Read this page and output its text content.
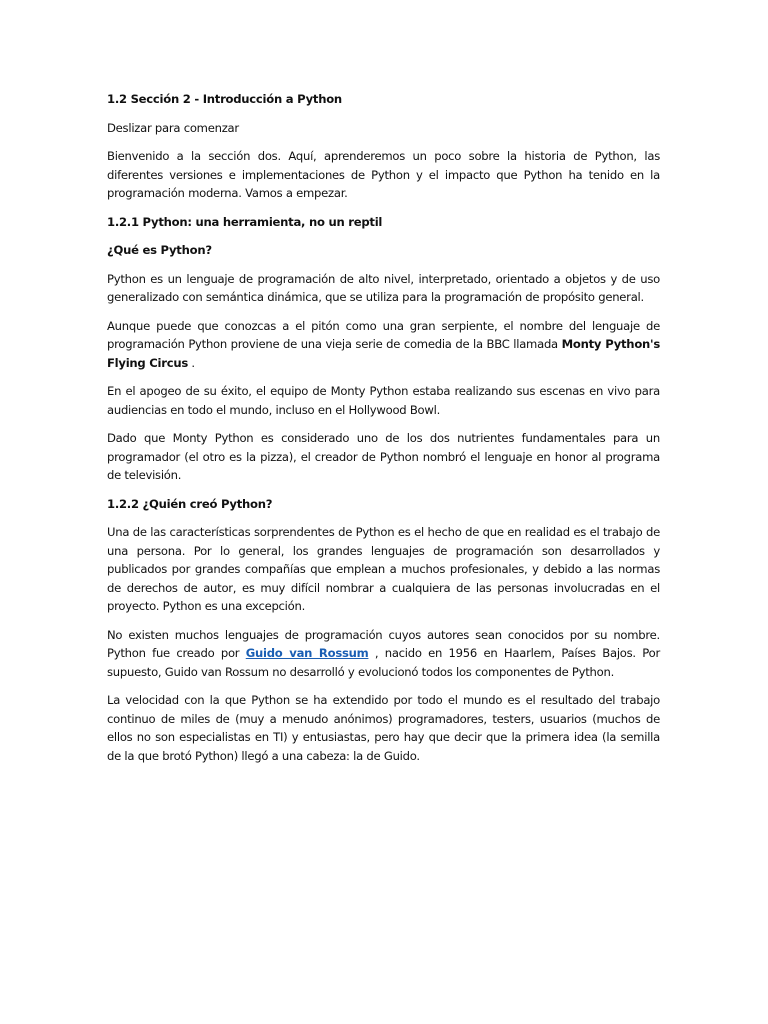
1.2 Sección 2 - Introducción a Python

Deslizar para comenzar

Bienvenido a la sección dos. Aquí, aprenderemos un poco sobre la historia de Python, las diferentes versiones e implementaciones de Python y el impacto que Python ha tenido en la programación moderna. Vamos a empezar.

1.2.1 Python: una herramienta, no un reptil

¿Qué es Python?

Python es un lenguaje de programación de alto nivel, interpretado, orientado a objetos y de uso generalizado con semántica dinámica, que se utiliza para la programación de propósito general.

Aunque puede que conozcas a el pitón como una gran serpiente, el nombre del lenguaje de programación Python proviene de una vieja serie de comedia de la BBC llamada Monty Python's Flying Circus .

En el apogeo de su éxito, el equipo de Monty Python estaba realizando sus escenas en vivo para audiencias en todo el mundo, incluso en el Hollywood Bowl.

Dado que Monty Python es considerado uno de los dos nutrientes fundamentales para un programador (el otro es la pizza), el creador de Python nombró el lenguaje en honor al programa de televisión.

1.2.2 ¿Quién creó Python?

Una de las características sorprendentes de Python es el hecho de que en realidad es el trabajo de una persona. Por lo general, los grandes lenguajes de programación son desarrollados y publicados por grandes compañías que emplean a muchos profesionales, y debido a las normas de derechos de autor, es muy difícil nombrar a cualquiera de las personas involucradas en el proyecto. Python es una excepción.

No existen muchos lenguajes de programación cuyos autores sean conocidos por su nombre. Python fue creado por Guido van Rossum , nacido en 1956 en Haarlem, Países Bajos. Por supuesto, Guido van Rossum no desarrolló y evolucionó todos los componentes de Python.

La velocidad con la que Python se ha extendido por todo el mundo es el resultado del trabajo continuo de miles de (muy a menudo anónimos) programadores, testers, usuarios (muchos de ellos no son especialistas en TI) y entusiastas, pero hay que decir que la primera idea (la semilla de la que brotó Python) llegó a una cabeza: la de Guido.
